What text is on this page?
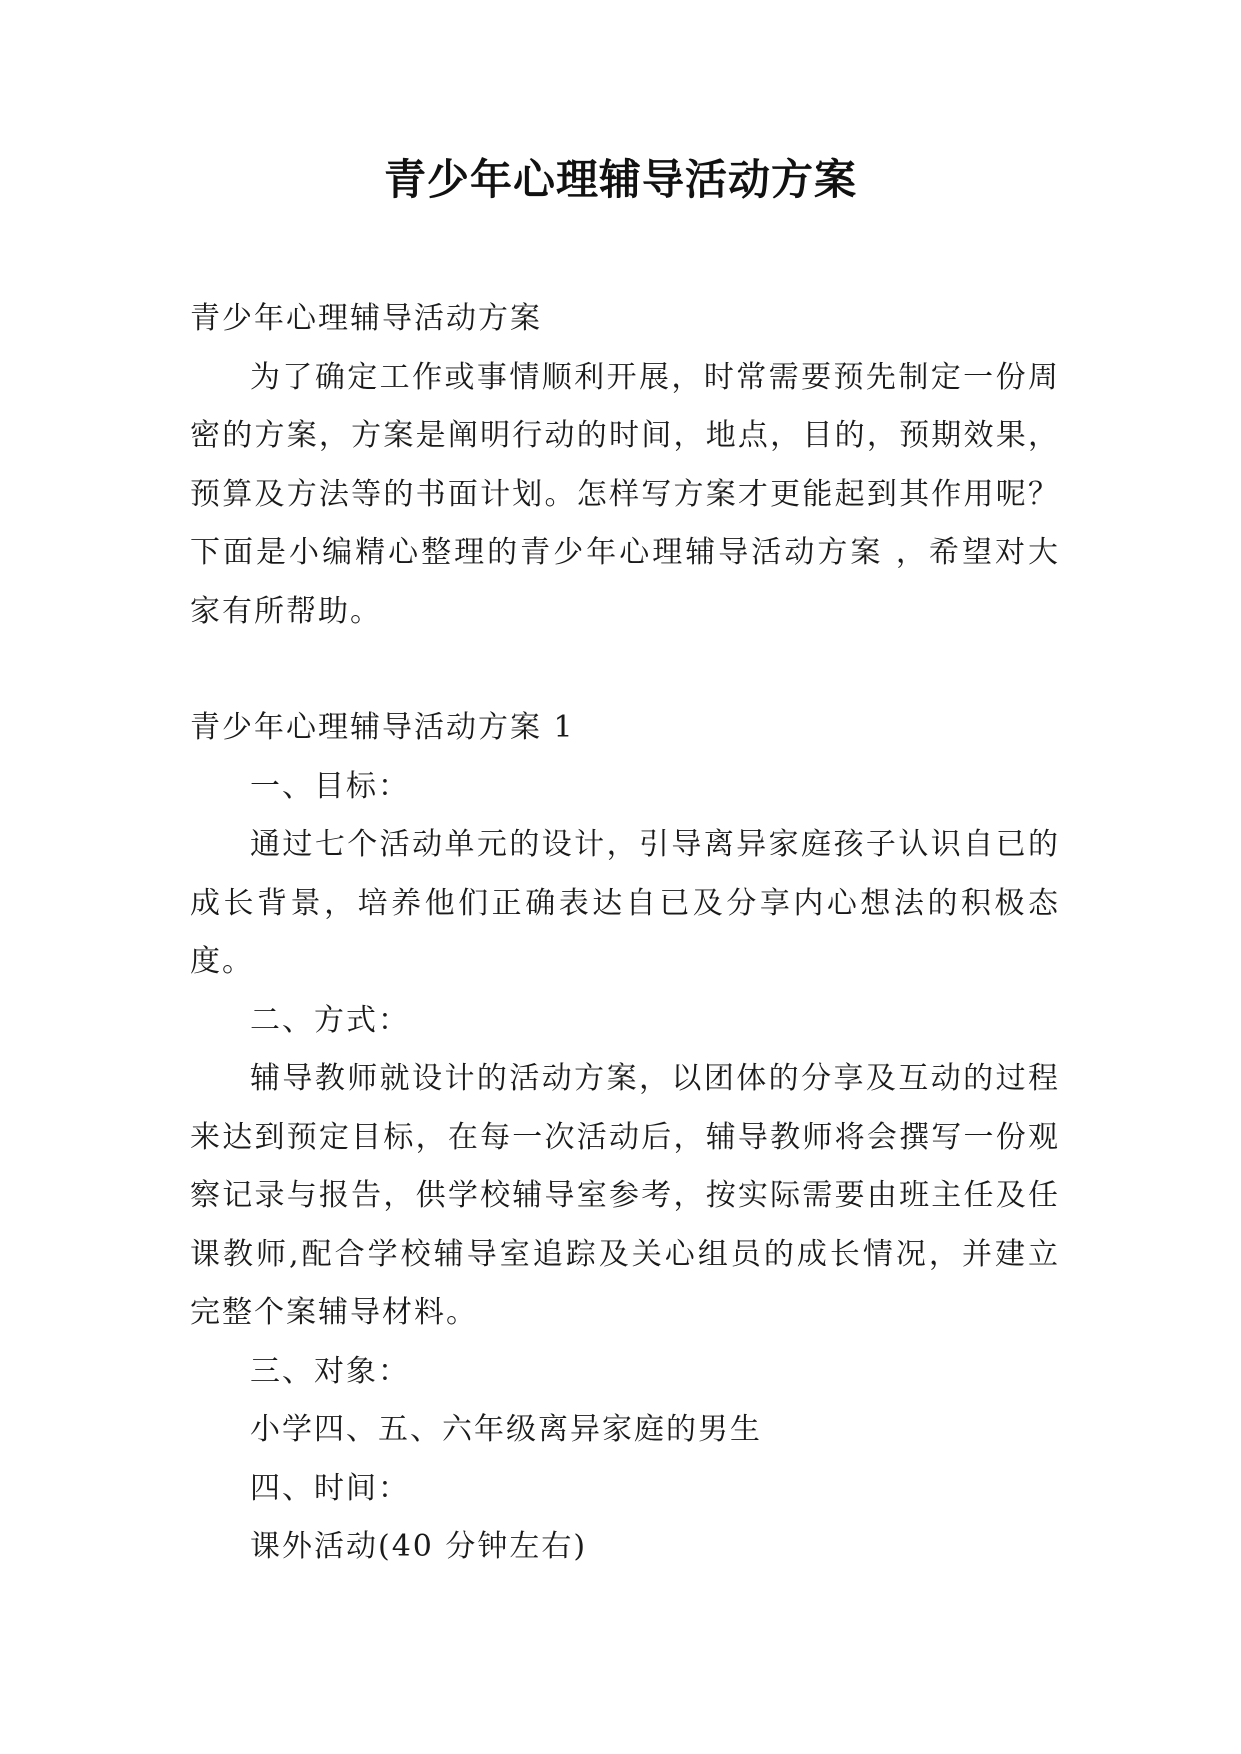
青少年心理辅导活动方案

青少年心理辅导活动方案

为了确定工作或事情顺利开展，时常需要预先制定一份周密的方案，方案是阐明行动的时间，地点，目的，预期效果，预算及方法等的书面计划。怎样写方案才更能起到其作用呢？下面是小编精心整理的青少年心理辅导活动方案 ，希望对大家有所帮助。

青少年心理辅导活动方案 1

一、目标：

通过七个活动单元的设计，引导离异家庭孩子认识自已的成长背景，培养他们正确表达自已及分享内心想法的积极态度。

二、方式：

辅导教师就设计的活动方案，以团体的分享及互动的过程来达到预定目标，在每一次活动后，辅导教师将会撰写一份观察记录与报告，供学校辅导室参考，按实际需要由班主任及任课教师,配合学校辅导室追踪及关心组员的成长情况，并建立完整个案辅导材料。

三、对象：

小学四、五、六年级离异家庭的男生

四、时间：

课外活动(40 分钟左右)
